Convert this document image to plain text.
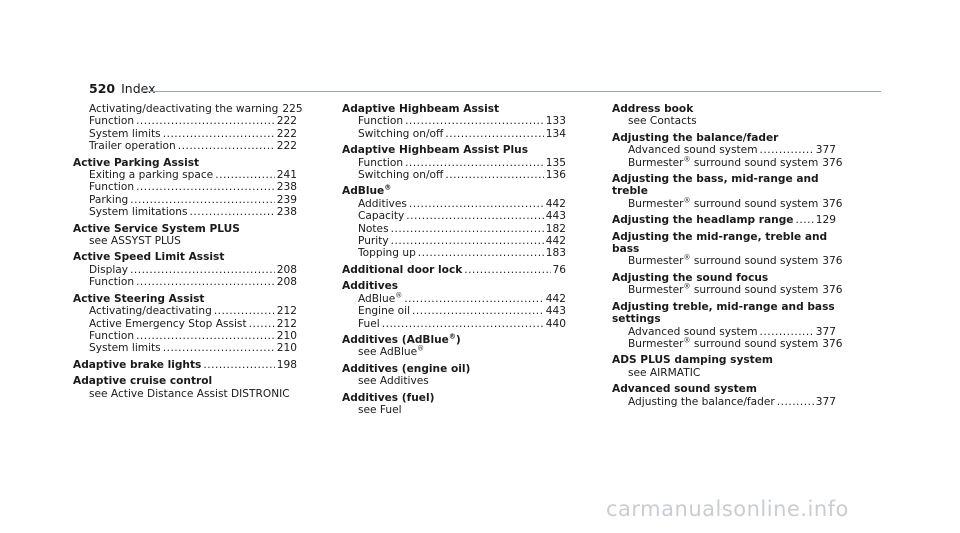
520 Index
Activating/deactivating the warning 225
Function .....	222
System limits .....	222
Trailer operation .....	222
Active Parking Assist
Exiting a parking space .....	241
Function .....	238
Parking .....	239
System limitations .....	238
Active Service System PLUS
see ASSYST PLUS
Active Speed Limit Assist
Display .....	208
Function .....	208
Active Steering Assist
Activating/deactivating .....	212
Active Emergency Stop Assist .....	212
Function .....	210
System limits .....	210
Adaptive brake lights .....	198
Adaptive cruise control
see Active Distance Assist DISTRONIC
Adaptive Highbeam Assist
Function .....	133
Switching on/off .....	134
Adaptive Highbeam Assist Plus
Function .....	135
Switching on/off .....	136
AdBlue®
Additives .....	442
Capacity .....	443
Notes .....	182
Purity .....	442
Topping up .....	183
Additional door lock .....	76
Additives
AdBlue® .....	442
Engine oil .....	443
Fuel .....	440
Additives (AdBlue®)
see AdBlue®
Additives (engine oil)
see Additives
Additives (fuel)
see Fuel
Address book
see Contacts
Adjusting the balance/fader
Advanced sound system .....	377
Burmester® surround sound system 376
Adjusting the bass, mid-range and treble
Burmester® surround sound system 376
Adjusting the headlamp range ..... 129
Adjusting the mid-range, treble and bass
Burmester® surround sound system 376
Adjusting the sound focus
Burmester® surround sound system 376
Adjusting treble, mid-range and bass settings
Advanced sound system .....	377
Burmester® surround sound system 376
ADS PLUS damping system
see AIRMATIC
Advanced sound system
Adjusting the balance/fader .....	377
carmanualsonline.info
